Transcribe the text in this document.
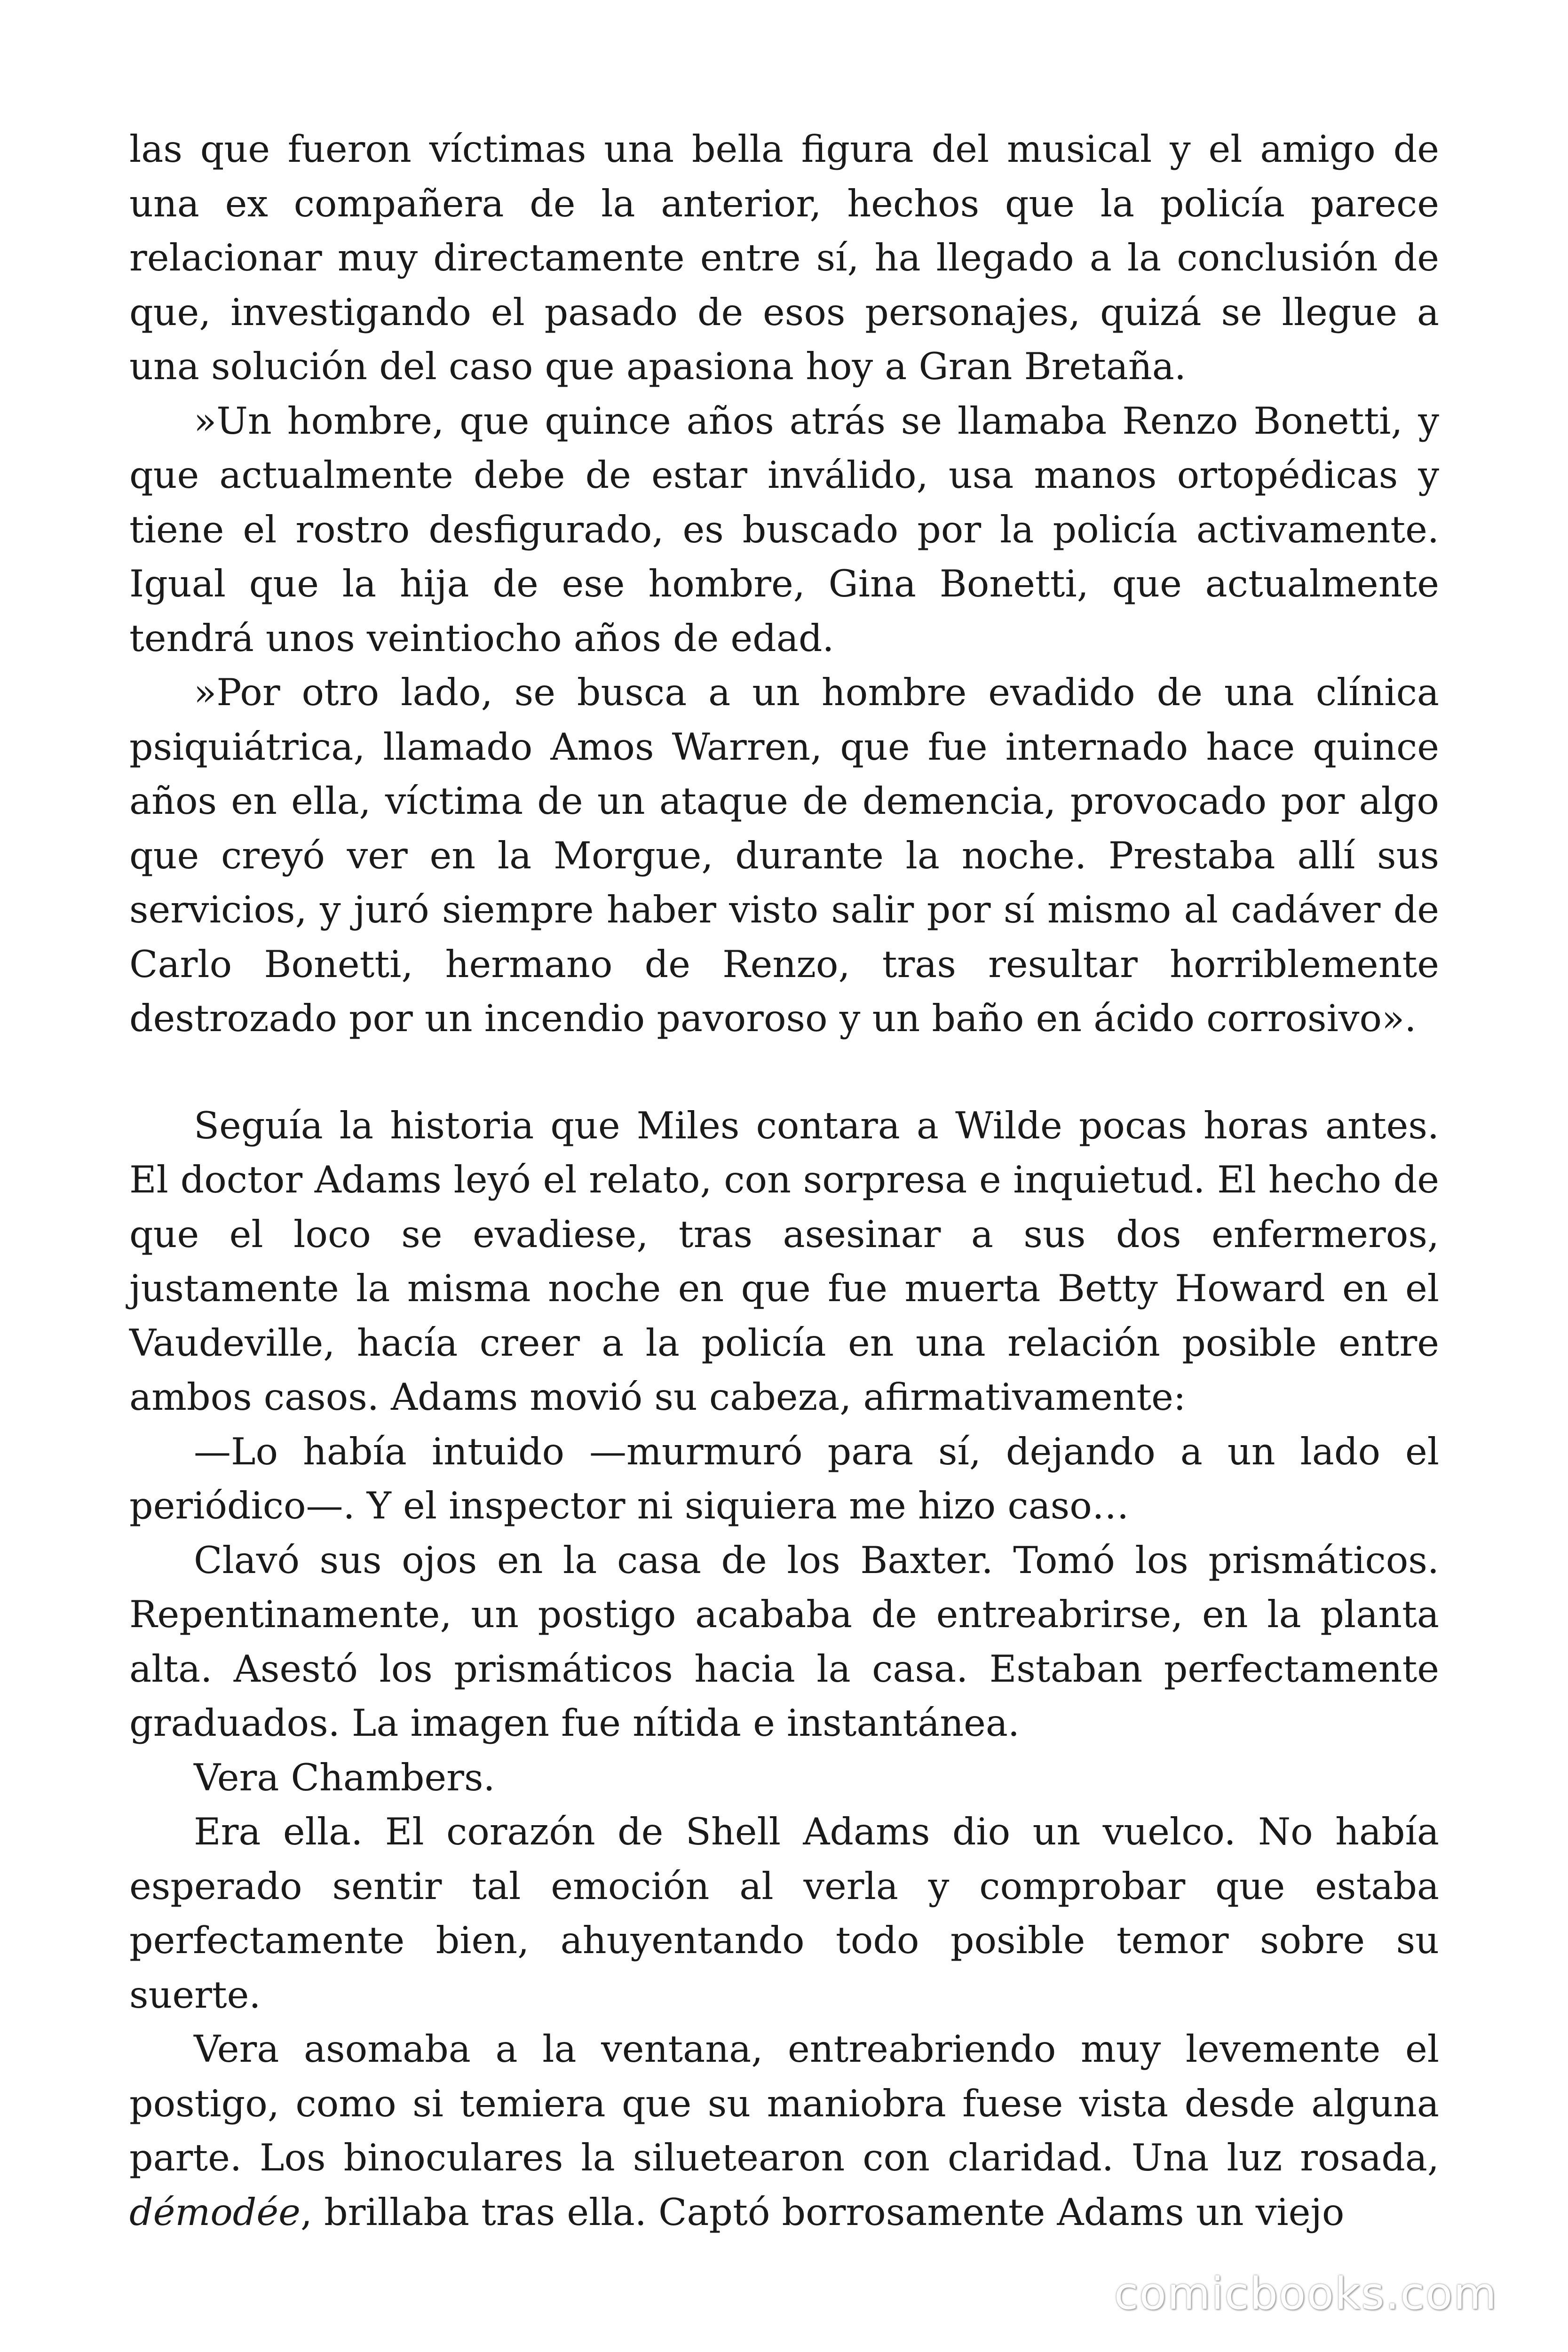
las que fueron víctimas una bella figura del musical y el amigo de una ex compañera de la anterior, hechos que la policía parece relacionar muy directamente entre sí, ha llegado a la conclusión de que, investigando el pasado de esos personajes, quizá se llegue a una solución del caso que apasiona hoy a Gran Bretaña.

»Un hombre, que quince años atrás se llamaba Renzo Bonetti, y que actualmente debe de estar inválido, usa manos ortopédicas y tiene el rostro desfigurado, es buscado por la policía activamente. Igual que la hija de ese hombre, Gina Bonetti, que actualmente tendrá unos veintiocho años de edad.

»Por otro lado, se busca a un hombre evadido de una clínica psiquiátrica, llamado Amos Warren, que fue internado hace quince años en ella, víctima de un ataque de demencia, provocado por algo que creyó ver en la Morgue, durante la noche. Prestaba allí sus servicios, y juró siempre haber visto salir por sí mismo al cadáver de Carlo Bonetti, hermano de Renzo, tras resultar horriblemente destrozado por un incendio pavoroso y un baño en ácido corrosivo».

Seguía la historia que Miles contara a Wilde pocas horas antes. El doctor Adams leyó el relato, con sorpresa e inquietud. El hecho de que el loco se evadiese, tras asesinar a sus dos enfermeros, justamente la misma noche en que fue muerta Betty Howard en el Vaudeville, hacía creer a la policía en una relación posible entre ambos casos. Adams movió su cabeza, afirmativamente:

—Lo había intuido —murmuró para sí, dejando a un lado el periódico—. Y el inspector ni siquiera me hizo caso…

Clavó sus ojos en la casa de los Baxter. Tomó los prismáticos. Repentinamente, un postigo acababa de entreabrirse, en la planta alta. Asestó los prismáticos hacia la casa. Estaban perfectamente graduados. La imagen fue nítida e instantánea.

Vera Chambers.

Era ella. El corazón de Shell Adams dio un vuelco. No había esperado sentir tal emoción al verla y comprobar que estaba perfectamente bien, ahuyentando todo posible temor sobre su suerte.

Vera asomaba a la ventana, entreabriendo muy levemente el postigo, como si temiera que su maniobra fuese vista desde alguna parte. Los binoculares la siluetearon con claridad. Una luz rosada, démodée, brillaba tras ella. Captó borrosamente Adams un viejo

comicbooks.com
